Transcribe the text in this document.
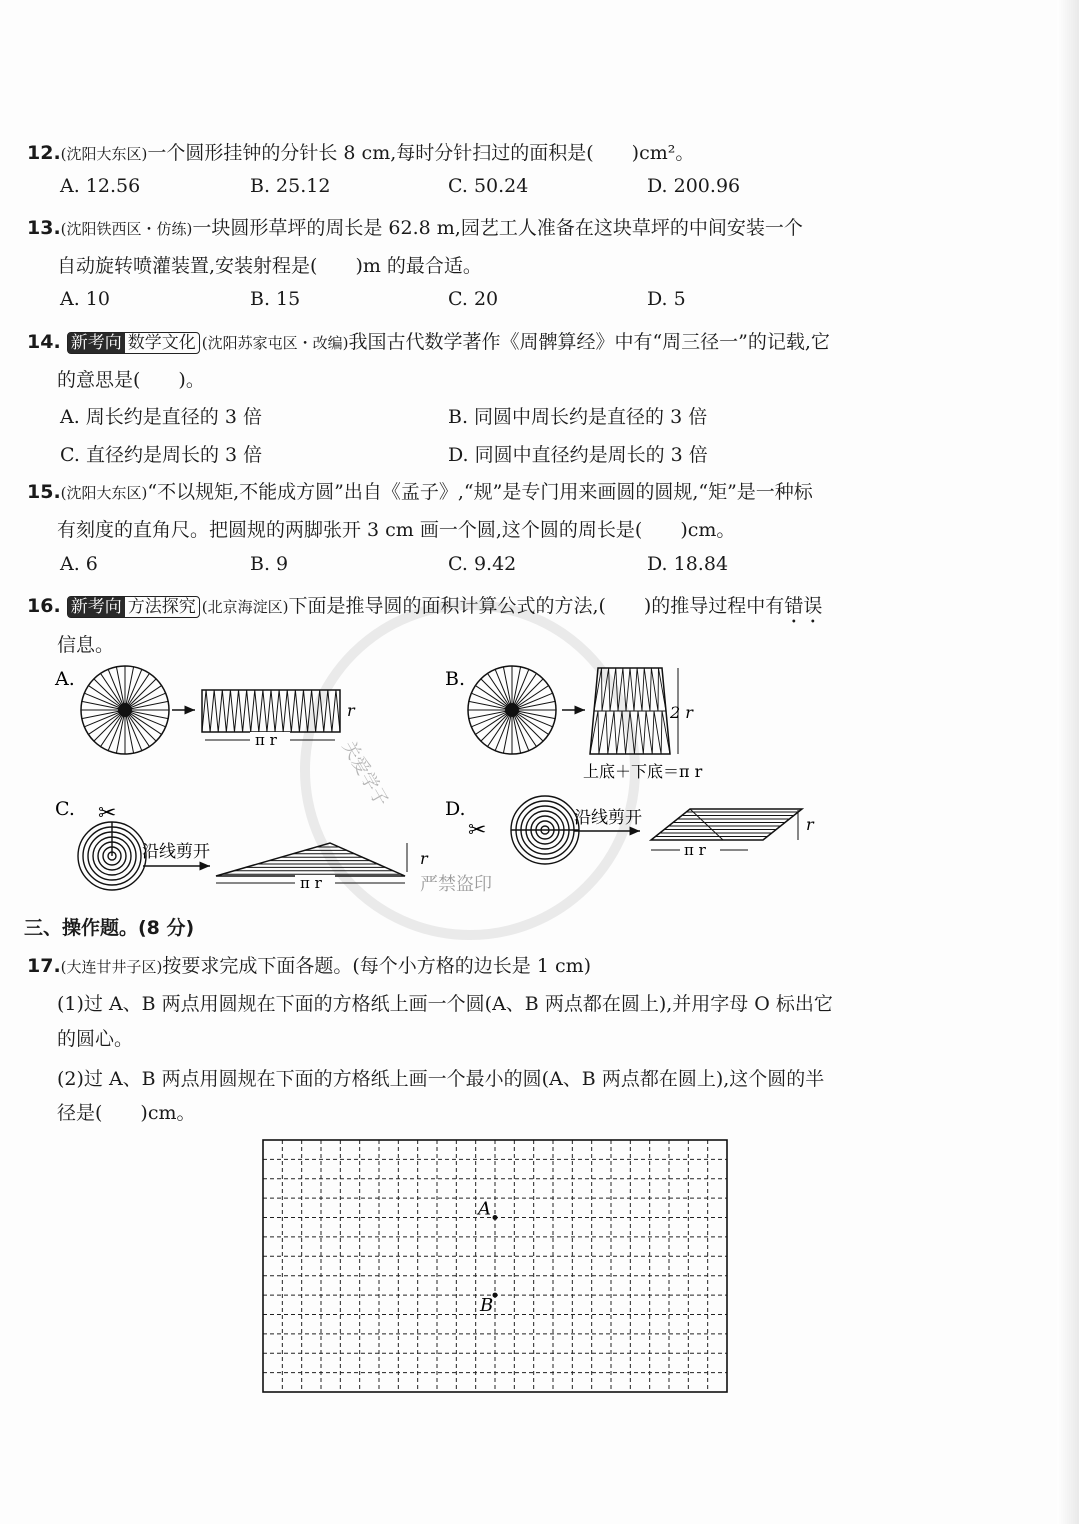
关爱学子
12.(沈阳大东区)一个圆形挂钟的分针长 8 cm,每时分针扫过的面积是(　　)cm²。
A. 12.56	B. 25.12	C. 50.24	D. 200.96
13.(沈阳铁西区・仿练)一块圆形草坪的周长是 62.8 m,园艺工人准备在这块草坪的中间安装一个
自动旋转喷灌装置,安装射程是(　　)m 的最合适。
A. 10	B. 15	C. 20	D. 5
14. 新考向 数学文化 (沈阳苏家屯区・改编)我国古代数学著作《周髀算经》中有“周三径一”的记载,它
的意思是(　　)。
A. 周长约是直径的 3 倍	B. 同圆中周长约是直径的 3 倍
C. 直径约是周长的 3 倍	D. 同圆中直径约是周长的 3 倍
15.(沈阳大东区)“不以规矩,不能成方圆”出自《孟子》,“规”是专门用来画圆的圆规,“矩”是一种标
有刻度的直角尺。把圆规的两脚张开 3 cm 画一个圆,这个圆的周长是(　　)cm。
A. 6	B. 9	C. 9.42	D. 18.84
16. 新考向 方法探究 (北京海淀区)下面是推导圆的面积计算公式的方法,(　　)的推导过程中有错误
信息。
A.
r
π r
B.
2 r
上底＋下底＝π r
C. ✂
沿线剪开	r
π r
D.
✂	沿线剪开	r
π r
严禁盗印
三、操作题。(8 分)
17.(大连甘井子区)按要求完成下面各题。(每个小方格的边长是 1 cm)
(1)过 A、B 两点用圆规在下面的方格纸上画一个圆(A、B 两点都在圆上),并用字母 O 标出它
的圆心。
(2)过 A、B 两点用圆规在下面的方格纸上画一个最小的圆(A、B 两点都在圆上),这个圆的半
径是(　　)cm。
A
B
